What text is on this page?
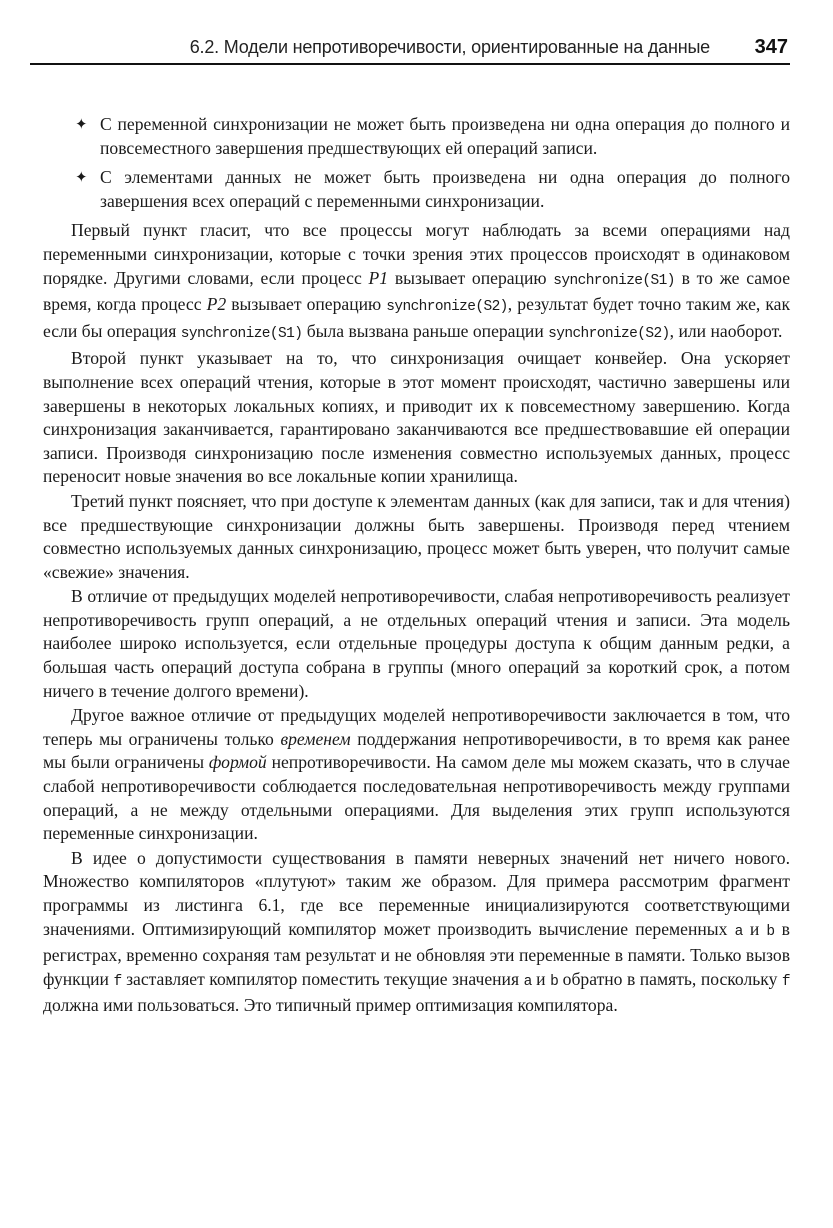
6.2. Модели непротиворечивости, ориентированные на данные 347
✦ С переменной синхронизации не может быть произведена ни одна операция до полного и повсеместного завершения предшествующих ей операций записи.
✦ С элементами данных не может быть произведена ни одна операция до полного завершения всех операций с переменными синхронизации.

Первый пункт гласит, что все процессы могут наблюдать за всеми операциями над переменными синхронизации, которые с точки зрения этих процессов происходят в одинаковом порядке. Другими словами, если процесс P1 вызывает операцию synchronize(S1) в то же самое время, когда процесс P2 вызывает операцию synchronize(S2), результат будет точно таким же, как если бы операция synchronize(S1) была вызвана раньше операции synchronize(S2), или наоборот.

Второй пункт указывает на то, что синхронизация очищает конвейер. Она ускоряет выполнение всех операций чтения, которые в этот момент происходят, частично завершены или завершены в некоторых локальных копиях, и приводит их к повсеместному завершению. Когда синхронизация заканчивается, гарантировано заканчиваются все предшествовавшие ей операции записи. Производя синхронизацию после изменения совместно используемых данных, процесс переносит новые значения во все локальные копии хранилища.

Третий пункт поясняет, что при доступе к элементам данных (как для записи, так и для чтения) все предшествующие синхронизации должны быть завершены. Производя перед чтением совместно используемых данных синхронизацию, процесс может быть уверен, что получит самые «свежие» значения.

В отличие от предыдущих моделей непротиворечивости, слабая непротиворечивость реализует непротиворечивость групп операций, а не отдельных операций чтения и записи. Эта модель наиболее широко используется, если отдельные процедуры доступа к общим данным редки, а большая часть операций доступа собрана в группы (много операций за короткий срок, а потом ничего в течение долгого времени).

Другое важное отличие от предыдущих моделей непротиворечивости заключается в том, что теперь мы ограничены только временем поддержания непротиворечивости, в то время как ранее мы были ограничены формой непротиворечивости. На самом деле мы можем сказать, что в случае слабой непротиворечивости соблюдается последовательная непротиворечивость между группами операций, а не между отдельными операциями. Для выделения этих групп используются переменные синхронизации.

В идее о допустимости существования в памяти неверных значений нет ничего нового. Множество компиляторов «плутуют» таким же образом. Для примера рассмотрим фрагмент программы из листинга 6.1, где все переменные инициализируются соответствующими значениями. Оптимизирующий компилятор может производить вычисление переменных a и b в регистрах, временно сохраняя там результат и не обновляя эти переменные в памяти. Только вызов функции f заставляет компилятор поместить текущие значения a и b обратно в память, поскольку f должна ими пользоваться. Это типичный пример оптимизация компилятора.
